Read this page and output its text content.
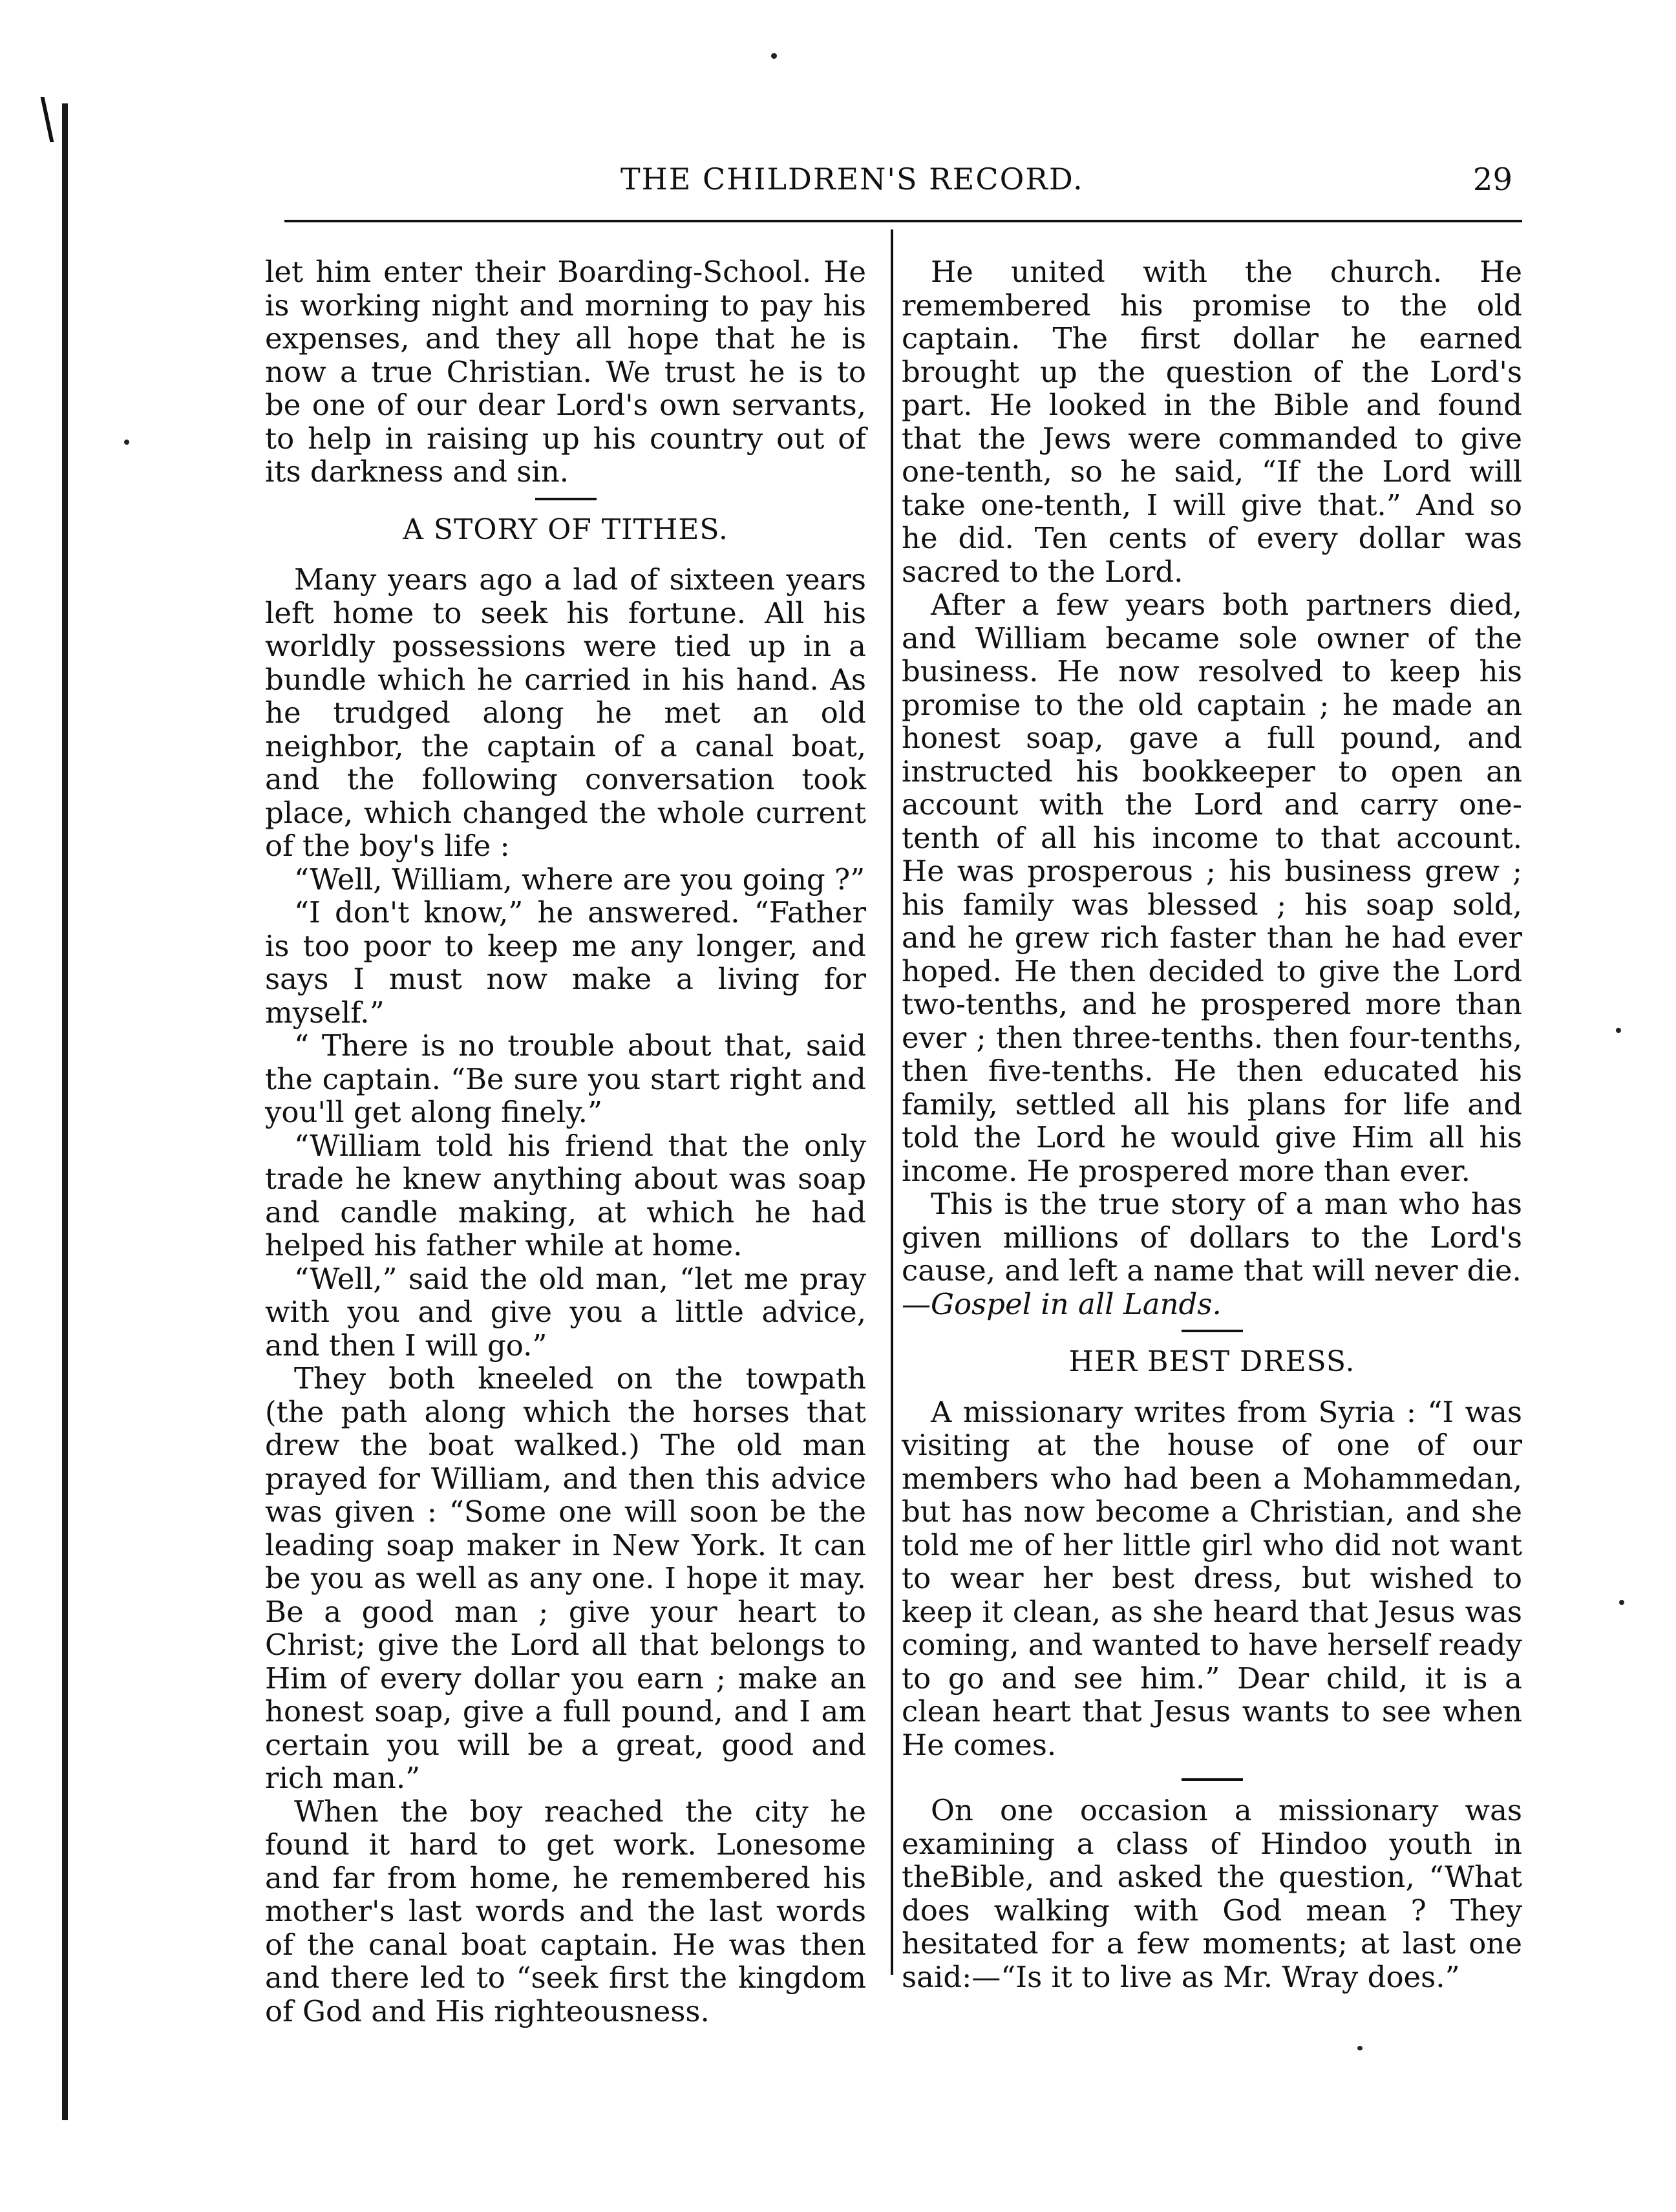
THE CHILDREN'S RECORD.	29

let him enter their Boarding-School. He is working night and morning to pay his expenses, and they all hope that he is now a true Christian. We trust he is to be one of our dear Lord's own servants, to help in raising up his country out of its darkness and sin.

A STORY OF TITHES.

Many years ago a lad of sixteen years left home to seek his fortune. All his worldly possessions were tied up in a bundle which he carried in his hand. As he trudged along he met an old neighbor, the captain of a canal boat, and the following conversation took place, which changed the whole current of the boy's life :

“Well, William, where are you going ?”

“I don't know,” he answered. “Father is too poor to keep me any longer, and says I must now make a living for myself.”

“ There is no trouble about that, said the captain. “Be sure you start right and you'll get along finely.”

“William told his friend that the only trade he knew anything about was soap and candle making, at which he had helped his father while at home.

“Well,” said the old man, “let me pray with you and give you a little advice, and then I will go.”

They both kneeled on the towpath (the path along which the horses that drew the boat walked.) The old man prayed for William, and then this advice was given : “Some one will soon be the leading soap maker in New York. It can be you as well as any one. I hope it may. Be a good man ; give your heart to Christ; give the Lord all that belongs to Him of every dollar you earn ; make an honest soap, give a full pound, and I am certain you will be a great, good and rich man.”

When the boy reached the city he found it hard to get work. Lonesome and far from home, he remembered his mother's last words and the last words of the canal boat captain. He was then and there led to “seek first the kingdom of God and His righteousness.

He united with the church. He remembered his promise to the old captain. The first dollar he earned brought up the question of the Lord's part. He looked in the Bible and found that the Jews were commanded to give one-tenth, so he said, “If the Lord will take one-tenth, I will give that.” And so he did. Ten cents of every dollar was sacred to the Lord.

After a few years both partners died, and William became sole owner of the business. He now resolved to keep his promise to the old captain ; he made an honest soap, gave a full pound, and instructed his bookkeeper to open an account with the Lord and carry one-tenth of all his income to that account. He was prosperous ; his business grew ; his family was blessed ; his soap sold, and he grew rich faster than he had ever hoped. He then decided to give the Lord two-tenths, and he prospered more than ever ; then three-tenths. then four-tenths, then five-tenths. He then educated his family, settled all his plans for life and told the Lord he would give Him all his income. He prospered more than ever.

This is the true story of a man who has given millions of dollars to the Lord's cause, and left a name that will never die.

—Gospel in all Lands.

HER BEST DRESS.

A missionary writes from Syria : “I was visiting at the house of one of our members who had been a Mohammedan, but has now become a Christian, and she told me of her little girl who did not want to wear her best dress, but wished to keep it clean, as she heard that Jesus was coming, and wanted to have herself ready to go and see him.” Dear child, it is a clean heart that Jesus wants to see when He comes.

On one occasion a missionary was examining a class of Hindoo youth in theBible, and asked the question, “What does walking with God mean ? They hesitated for a few moments; at last one said:—“Is it to live as Mr. Wray does.”
